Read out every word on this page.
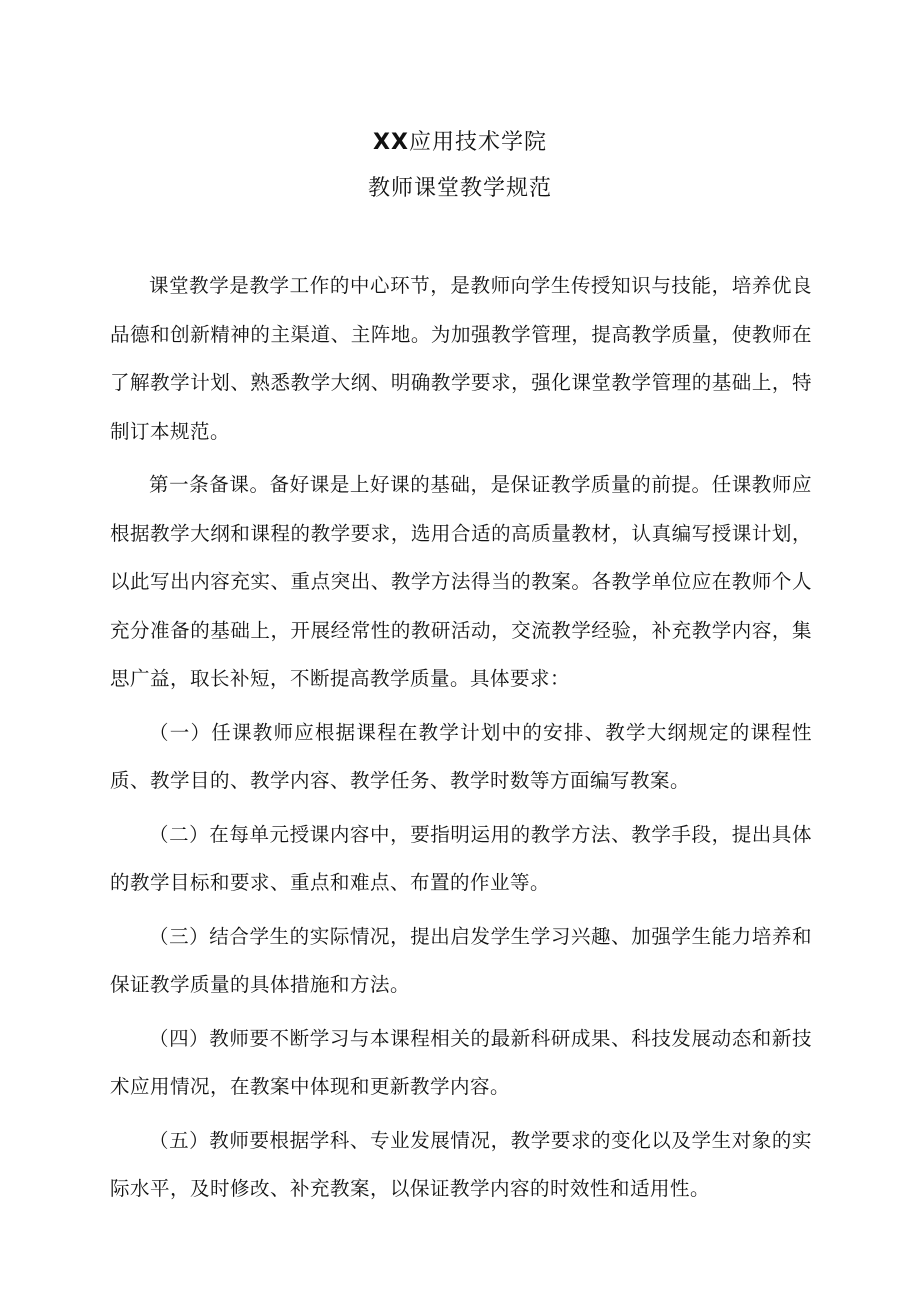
XX应用技术学院
教师课堂教学规范

课堂教学是教学工作的中心环节，是教师向学生传授知识与技能，培养优良品德和创新精神的主渠道、主阵地。为加强教学管理，提高教学质量，使教师在了解教学计划、熟悉教学大纲、明确教学要求，强化课堂教学管理的基础上，特制订本规范。

第一条备课。备好课是上好课的基础，是保证教学质量的前提。任课教师应根据教学大纲和课程的教学要求，选用合适的高质量教材，认真编写授课计划，以此写出内容充实、重点突出、教学方法得当的教案。各教学单位应在教师个人充分准备的基础上，开展经常性的教研活动，交流教学经验，补充教学内容，集思广益，取长补短，不断提高教学质量。具体要求：

（一）任课教师应根据课程在教学计划中的安排、教学大纲规定的课程性质、教学目的、教学内容、教学任务、教学时数等方面编写教案。

（二）在每单元授课内容中，要指明运用的教学方法、教学手段，提出具体的教学目标和要求、重点和难点、布置的作业等。

（三）结合学生的实际情况，提出启发学生学习兴趣、加强学生能力培养和保证教学质量的具体措施和方法。

（四）教师要不断学习与本课程相关的最新科研成果、科技发展动态和新技术应用情况，在教案中体现和更新教学内容。

（五）教师要根据学科、专业发展情况，教学要求的变化以及学生对象的实际水平，及时修改、补充教案，以保证教学内容的时效性和适用性。
